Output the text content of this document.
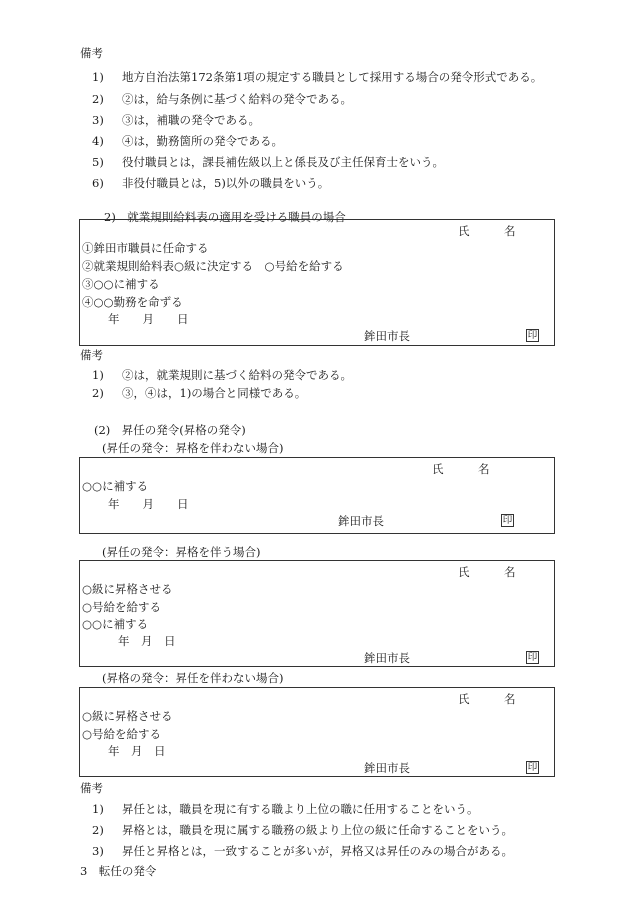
備考
1) 地方自治法第172条第1項の規定する職員として採用する場合の発令形式である。
2) ②は，給与条例に基づく給料の発令である。
3) ③は，補職の発令である。
4) ④は，勤務箇所の発令である。
5) 役付職員とは，課長補佐級以上と係長及び主任保育士をいう。
6) 非役付職員とは，5)以外の職員をいう。
2)　就業規則給料表の適用を受ける職員の場合
氏　　　名
①鉾田市職員に任命する
②就業規則給料表○級に決定する　○号給を給する
③○○に補する
④○○勤務を命ずる
年　　月　　日
鉾田市長	印
備考
1) ②は，就業規則に基づく給料の発令である。
2) ③，④は，1)の場合と同様である。
(2)　昇任の発令(昇格の発令)
(昇任の発令：昇格を伴わない場合)
氏　　　名
○○に補する
年　　月　　日
鉾田市長	印
(昇任の発令：昇格を伴う場合)
氏　　　名
○級に昇格させる
○号給を給する
○○に補する
年　月　日
鉾田市長	印
(昇格の発令：昇任を伴わない場合)
氏　　　名
○級に昇格させる
○号給を給する
年　月　日
鉾田市長	印
備考
1) 昇任とは，職員を現に有する職より上位の職に任用することをいう。
2) 昇格とは，職員を現に属する職務の級より上位の級に任命することをいう。
3) 昇任と昇格とは，一致することが多いが，昇格又は昇任のみの場合がある。
3　転任の発令
